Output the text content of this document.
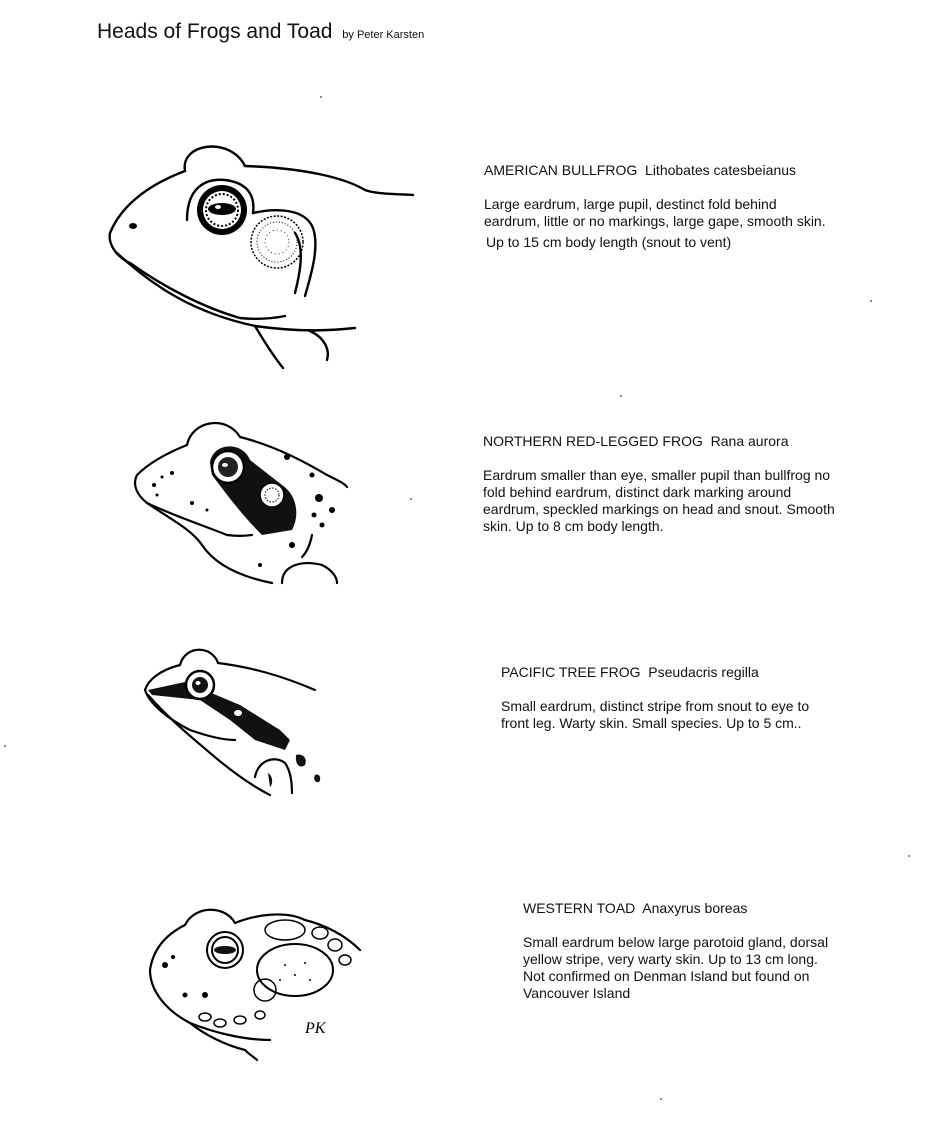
Heads of Frogs and Toad by Peter Karsten

AMERICAN BULLFROG Lithobates catesbeianus

Large eardrum, large pupil, destinct fold behind eardrum, little or no markings, large gape, smooth skin.

Up to 15 cm body length (snout to vent)

NORTHERN RED-LEGGED FROG Rana aurora

Eardrum smaller than eye, smaller pupil than bullfrog no fold behind eardrum, distinct dark marking around eardrum, speckled markings on head and snout. Smooth skin. Up to 8 cm body length.

PACIFIC TREE FROG Pseudacris regilla

Small eardrum, distinct stripe from snout to eye to front leg. Warty skin. Small species. Up to 5 cm..

PK

WESTERN TOAD Anaxyrus boreas

Small eardrum below large parotoid gland, dorsal yellow stripe, very warty skin. Up to 13 cm long. Not confirmed on Denman Island but found on Vancouver Island
